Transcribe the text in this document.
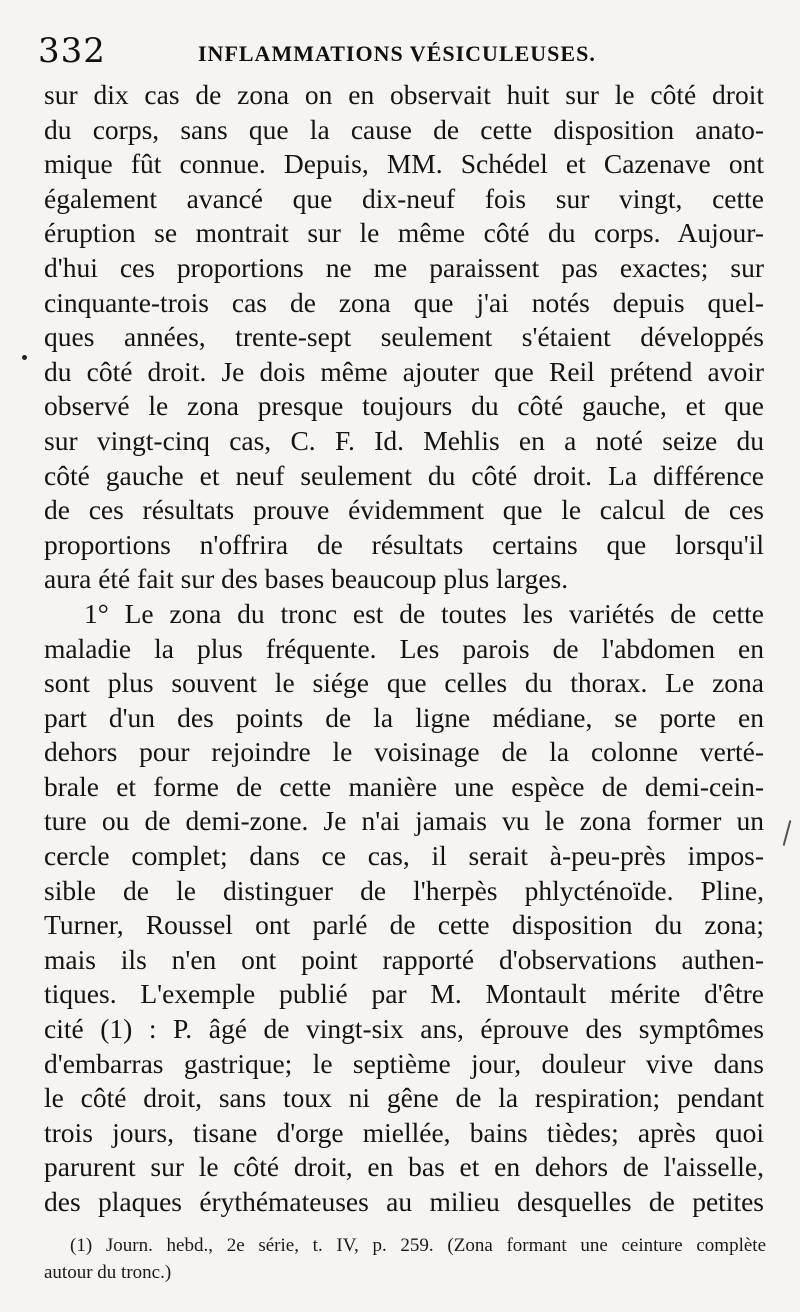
332	INFLAMMATIONS VÉSICULEUSES.
sur dix cas de zona on en observait huit sur le côté droit
du corps, sans que la cause de cette disposition anato-
mique fût connue. Depuis, MM. Schédel et Cazenave ont
également avancé que dix-neuf fois sur vingt, cette
éruption se montrait sur le même côté du corps. Aujour-
d'hui ces proportions ne me paraissent pas exactes; sur
cinquante-trois cas de zona que j'ai notés depuis quel-
ques années, trente-sept seulement s'étaient développés
du côté droit. Je dois même ajouter que Reil prétend avoir
observé le zona presque toujours du côté gauche, et que
sur vingt-cinq cas, C. F. Id. Mehlis en a noté seize du
côté gauche et neuf seulement du côté droit. La différence
de ces résultats prouve évidemment que le calcul de ces
proportions n'offrira de résultats certains que lorsqu'il
aura été fait sur des bases beaucoup plus larges.
1° Le zona du tronc est de toutes les variétés de cette
maladie la plus fréquente. Les parois de l'abdomen en
sont plus souvent le siége que celles du thorax. Le zona
part d'un des points de la ligne médiane, se porte en
dehors pour rejoindre le voisinage de la colonne verté-
brale et forme de cette manière une espèce de demi-cein-
ture ou de demi-zone. Je n'ai jamais vu le zona former un
cercle complet; dans ce cas, il serait à-peu-près impos-
sible de le distinguer de l'herpès phlycténoïde. Pline,
Turner, Roussel ont parlé de cette disposition du zona;
mais ils n'en ont point rapporté d'observations authen-
tiques. L'exemple publié par M. Montault mérite d'être
cité (1) : P. âgé de vingt-six ans, éprouve des symptômes
d'embarras gastrique; le septième jour, douleur vive dans
le côté droit, sans toux ni gêne de la respiration; pendant
trois jours, tisane d'orge miellée, bains tièdes; après quoi
parurent sur le côté droit, en bas et en dehors de l'aisselle,
des plaques érythémateuses au milieu desquelles de petites
(1) Journ. hebd., 2e série, t. IV, p. 259. (Zona formant une ceinture complète
autour du tronc.)
